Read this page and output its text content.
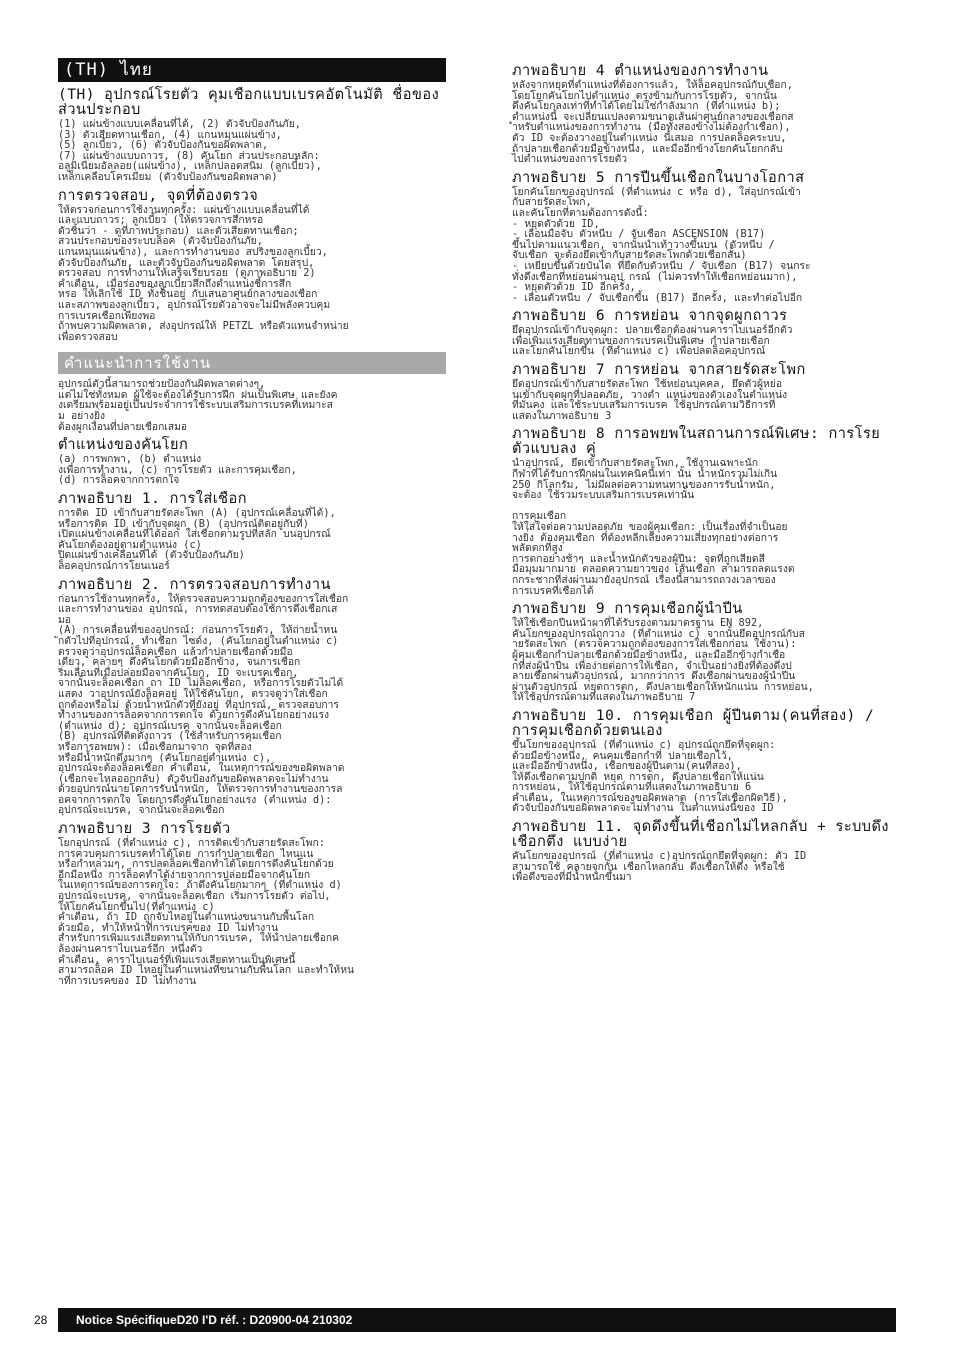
(TH) ไทย
(TH) อุปกรณ์โรยตัว คุมเชือกแบบเบรคอัตโนมัติ ชื่อของส่วนประกอบ
(1) แผ่นข้างแบบเคลื่อนที่ได้, (2) ตัวจับป้องกันภัย,
(3) ตัวเสียดทานเชือก, (4) แกนหมุนแผ่นข้าง,
(5) ลูกเบี้ยว, (6) ตัวจับป้องกันขอผิดพลาด,
(7) แผ่นข้างแบบถาวร, (8) คันโยก ส่วนประกอบหลัก:
อลูมิเนียมอัลลอย(แผ่นข้าง), เหล็กปลอดสนิม (ลูกเบี้ยว),
เหล็กเคลือบโครเมียม (ตัวจับป้องกันขอผิดพลาด)
การตรวจสอบ, จุดที่ต้องตรวจ
ให้ตรวจก่อนการใช้งานทุกครั้ง: แผ่นข้างแบบเคลื่อนที่ได้
และแบบถาวร; ลูกเบี้ยว (ให้ตรวจการสึกหรอ
ตัวชิ้นว่า - ดูที่ภาพประกอบ) และตัวเสียดทานเชือก;
สวนประกอบของระบบล็อค (ตัวจับป้องกันภัย,
แกนหมุนแผ่นข้าง), และการทำงานของ สปริงของลูกเบี้ยว,
ตัวจับป้องกันภัย, และตัวจับป้องกันขอผิดพลาด โดยสรุป,
ตรวจสอบ การทำงานให้เสร็จเรียบรอย (ดูภาพอธิบาย 2)
คำเตือน, เมื่อร่องของลูกเบี้ยวสึกถึงตำแหน่งชี้การสึก
หรอ ให้เลิกใช้ ID ทั้งชิ้นอยู่ กับเสนอาศูนย์กลางของเชือก
และสภาพของลูกเบี้ยว, อุปกรณ์โรยตัวอาจจะไม่มีพลังควบคุม
การเบรคเชือกเพียงพอ
ถ้าพบความผิดพลาด, ส่งอุปกรณ์ให้ PETZL หรือตัวแทนจำหน่าย
เพื่อตรวจสอบ
คำแนะนำการใช้งาน
อุปกรณ์ตัวนี้สามารถช่วยป้องกันผิดพลาดต่างๆ,
แต่ไม่ใช่ทั้งหมด ผู้ใช้จะต้องได้รับการฝึก ฝนเป็นพิเศษ และยังค
งเตรียมพร้อมอยู่เป็นประจำการใช้ระบบเสริมการเบรคที่เหมาะส
ม อย่างยิ่ง
ต้องผูกเงื่อนที่ปลายเชือกเสมอ
ตำแหน่งของคันโยก
(a) การพกพา, (b) ตำแหน่ง
งเพื่อการทำงาน, (c) การโรยตัว และการคุมเชือก,
(d) การล็อคจากการตกใจ
ภาพอธิบาย 1. การใส่เชือก
การติด ID เข้ากับสายรัดสะโพก (A) (อุปกรณ์เคลื่อนที่ได้),
หรือการติด ID เข้ากับจุดผูก (B) (อุปกรณ์ติดอยู่กับที่)
เปิดแผ่นข้างเคลื่อนที่ได้ออก ใส่เชือกตามรูปที่สลัก บนอุปกรณ์
คันโยกต้องอยู่ตามตำแหน่ง (c)
ปิดแผ่นข้างเคลื่อนที่ได้ (ตัวจับป้องกันภัย)
ล็อคอุปกรณ์การโยนเนอร์
ภาพอธิบาย 2. การตรวจสอบการทำงาน
ก่อนการใช้งานทุกครั้ง, ให้ตรวจสอบความถูกต้องของการใส่เชือก
และการทำงานของ อุปกรณ์, การทดสอบต้องใช้การดึงเชือกเส
มอ
(A) การเคลื่อนที่ของอุปกรณ์: ก่อนการโรยตัว, ให้ถ่ายน้ำหน
ักตัวไปที่อุปกรณ์, ทำเชือก ไซด์ง, (คันโยกอยู่ในตำแหน่ง c)
ตรวจดูว่าอุปกรณ์ล็อคเชือก แล้วกำปลายเชือกด้วยมือ
เดียว, คลายๆ ดึงคันโยกด้วยมืออีกข้าง, จนการเชือก
ริ่มเลื่อนที่เมื่อปล่อยมือจากคันโยก, ID จะเบรคเชือก,
จากนั้นจะล็อคเชือก ถา ID ไม่ล็อคเชือก, หรือการโรยตัวไม่ได้
แสดง วาอุปกรณ์ยังล็อคอยู่ ให้ใช้คันโยก, ตรวจดูว่าใส่เชือก
ถูกต้องหรือไม่ ด้วยน้ำหนักตัวที่ยังอยู่ ที่อุปกรณ์, ตรวจสอบการ
ทำงานของการล็อคจากการตกใจ ด้วยการดึงคันโยกอย่างแรง
(ตำแหน่ง d): อุปกรณ์เบรค จากนั้นจะล็อคเชือก
(B) อุปกรณ์ที่ติดตั้งถาวร (ใช้สำหรับการคุมเชือก
หรือการอพยพ): เมื่อเชือกมาจาก จุดที่สอง
หรือมีน้ำหนักดึงมากๆ (คันโยกอยู่ตำแหน่ง c),
อุปกรณ์จะต้องล็อคเชือก คำเตือน, ในเหตุการณ์ของขอผิดพลาด
(เชือกจะไหลออกกลับ) ตัวจับป้องกันขอผิดพลาดจะไม่ทำงาน
ด้วยอุปกรณ์นายโดการรับน้ำหนัก, ให้ตรวจการทำงานของการล
อคจากการตกใจ โดยการดึงคันโยกอย่างแรง (ตำแหน่ง d):
อุปกรณ์จะเบรค, จากนั้นจะล็อคเชือก
ภาพอธิบาย 3 การโรยตัว
โยกอุปกรณ์ (ที่ตำแหน่ง c), การติดเข้ากับสายรัดสะโพก:
การควบคุมการเบรคทำได้โดย การกำปลายเชือก ไหนแน
หรือกำหลวมๆ, การปลดล็อคเชือกทำได้โดยการดึงคันโยกด้วย
อีกมือหนึ่ง การล็อคทำได้ง่ายจากการปล่อยมือจากคันโยก
ในเหตุการณ์ของการตกใจ: ถ้าดึงคันโยกมากๆ (ที่ตำแหน่ง d)
อุปกรณ์จะเบรค, จากนั้นจะล็อคเชือก เริ่มการโรยตัว ต่อไป,
ให้โยกคันโยกขึ้นไป(ที่ตำแหน่ง c)
คำเตือน, ถ้า ID ถูกจับไหอยู่ในตำแหน่งขนานกับพื้นโลก
ด้วยมือ, ทำให้หน้าที่การเบรคของ ID ไม่ทำงาน
สำหรับการเพิ่มแรงเสียดทานให้กับการเบรค, ให้นำปลายเชือกค
ล้องผ่านคาราไบเนอร์อีก หนึ่งตัว
คำเตือน, คาราไบเนอร์ที่เพิ่มแรงเสียดทานเป็นพิเศษนี้
สามารถล็อค ID ไหอยู่ในตำแหน่งที่ขนานกับพื้นโลก และทำให้หน
าที่การเบรคของ ID ไม่ทำงาน
ภาพอธิบาย 4 ตำแหน่งของการทำงาน
หลังจากหยุดที่ตำแหน่งที่ต้องการแล้ว, ให้ล็อคอุปกรณ์กับเชือก,
โดยโยกคันโยกไปตำแหน่ง ตรงข้ามกับการโรยตัว, จากนั้น
ดึงคันโยกลงเท่าที่ทำได้โดยไม่ใช่กำลังมาก (ที่ตำแหน่ง b);
ตำแหน่งนี้ จะเปลี่ยนแปลงตามขนาดเส้นผ่าศูนย์กลางของเชือกส
ำหรับตำแหน่งของการทำงาน (มือทั้งสองข้างไม่ต้องกำเชือก),
ตัว ID จะต้องวางอยู่ในตำแหน่ง นี้เสมอ การปลดล็อคระบบ,
ถ้าปลายเชือกด้วยมือข้างหนึ่ง, และมืออีกข้างโยกคันโยกกลับ
ไปตำแหน่งของการโรยตัว
ภาพอธิบาย 5 การปีนขึ้นเชือกในบางโอกาส
โยกคันโยกของอุปกรณ์ (ที่ตำแหน่ง c หรือ d), ใส่อุปกรณ์เข้า
กับสายรัดสะโพก,
และคันโยกที่ตามต้องการดังนี้:
- หยุดตัวด้วย ID,
- เลื่อนมือจับ ตัวหนีบ / จับเชือก ASCENSION (B17)
ขึ้นไปตามแนวเชือก, จากนั้นนำเท้าวางขึ้นบน (ตัวหนีบ /
จับเชือก จะต้องยึดเข้ากับสายรัดสะโพกด้วยเชือกสั้น)
- เหยียบขึ้นด้วยบันได ที่ยึดกับตัวหนีบ / จับเชือก (B17) จนกระ
ทั่งดึงเชือกที่หย่อนผ่านอุป กรณ์ (ไม่ควรทำให้เชือกหย่อนมาก),
- หยุดตัวด้วย ID อีกครั้ง,
- เลื่อนตัวหนีบ / จับเชือกขึ้น (B17) อีกครั้ง, และทำต่อไปอีก
ภาพอธิบาย 6 การหย่อน จากจุดผูกถาวร
ยึดอุปกรณ์เข้ากับจุดผูก: ปลายเชือกต้องผ่านคาราไบเนอร์อีกตัว
เพื่อเพิ่มแรงเสียดทานของการเบรคเป็นพิเศษ กำปลายเชือก
และโยกคันโยกขึ้น (ที่ตำแหน่ง c) เพื่อปลดล็อคอุปกรณ์
ภาพอธิบาย 7 การหย่อน จากสายรัดสะโพก
ยึดอุปกรณ์เข้ากับสายรัดสะโพก ใช้หย่อนบุคคล, ยึดตัวผู้หย่อ
นเข้ากับจุดผูกที่ปลอดภัย, วางตำ แหน่งของตัวเองในตำแหน่ง
ที่มั่นคง และใช้ระบบเสริมการเบรค ใช้อุปกรณ์ตามวิธีการที่
แสดงในภาพอธิบาย 3
ภาพอธิบาย 8 การอพยพในสถานการณ์พิเศษ: การโรยตัวแบบลง คู่
นำอุปกรณ์, ยึดเข้ากับสายรัดสะโพก, ใช้งานเฉพาะนัก
กีฬาที่ได้รับการฝึกฝนในเทคนิคนี้เท่า นั้น น้ำหนักรวมไม่เกิน
250 กิโลกรัม, ไม่มีผลต่อความทนทานของการรับน้ำหนัก,
จะต้อง ใช้รวมระบบเสริมการเบรคเท่านั้น

การคุมเชือก
ให้ใส่ใจต่อความปลอดภัย ของผู้คุมเชือก: เป็นเรื่องที่จำเป็นอย
างยิ่ง ต้องคุมเชือก ที่ต้องหลีกเลี่ยงความเสี่ยงทุกอย่างต่อการ
พลัดตกที่สูง
การตกอย่างช้าๆ และน้ำหนักตัวของผู้ปีน: จุดที่ถูกเสียดสี
มือมุมมากมาย ตลอดความยาวของ เส้นเชือก สามารถลดแรงต
กกระชากที่ส่งผ่านมายังอุปกรณ์ เรื่องนี้สามารถถวงเวลาของ
การเบรคที่เชือกได้
ภาพอธิบาย 9 การคุมเชือกผู้นำปีน
ให้ใช้เชือกปีนหน้าผาที่ได้รับรองตามมาตรฐาน EN 892,
คันโยกของอุปกรณ์ถูกวาง (ที่ตำแหน่ง c) จากนั้นยึดอุปกรณ์กับส
ายรัดสะโพก (ตรวจความถูกต้องของการใส่เชือกก่อน ใช้งาน):
ผู้คุมเชือกกำปลายเชือกด้วยมือข้างหนึ่ง, และมืออีกข้างกำเชือ
กที่ส่งผู้นำปีน เพื่อง่ายต่อการให้เชือก, จำเป็นอย่างยิ่งที่ต้องดึงป
ลายเชือกผ่านตัวอุปกรณ์, มากกว่าการ ดึงเชือกผ่านของผู้นำปีน
ผ่านตัวอุปกรณ์ หยุดการตก, ดึงปลายเชือกให้หนักแน่น การหย่อน,
ให้ใช้อุปกรณ์ตามที่แสดงในภาพอธิบาย 7
ภาพอธิบาย 10. การคุมเชือก ผู้ปีนตาม(คนที่สอง) / การคุมเชือกด้วยตนเอง
ขึ้นโยกของอุปกรณ์ (ที่ตำแหน่ง c) อุปกรณ์ถูกยึดที่จุดผูก:
ด้วยมือข้างหนึ่ง, คนคุมเชือกกำที่ ปลายเชือกไว้,
และมืออีกข้างหนึ่ง, เชือกของผู้ปีนตาม(คนที่สอง),
ให้ดึงเชือกตามปกติ หยุด การตก, ดึงปลายเชือกให้แน่น
การหย่อน, ให้ใช้อุปกรณ์ตามที่แสดงในภาพอธิบาย 6
คำเตือน, ในเหตุการณ์ของขอผิดพลาด (การใส่เชือกผิดวิธี),
ตัวจับป้องกันขอผิดพลาดจะไม่ทำงาน ในตำแหน่งนี้ของ ID
ภาพอธิบาย 11. จุดดึงขึ้นที่เชือกไม่ไหลกลับ + ระบบดึงเชือกตึง แบบง่าย
คันโยกของอุปกรณ์ (ที่ตำแหน่ง c)อุปกรณ์ถูกยึดที่จุดผูก: ตัว ID
สามารถใช้ คลายจุกกั้น เชือกไหลกลับ ดึงเชือกให้ตึง หรือใช้
เพื่อดึงของที่มีน้ำหนักขึ้นมา
28	Notice SpécifiqueD20 I'D réf. : D20900-04 210302
